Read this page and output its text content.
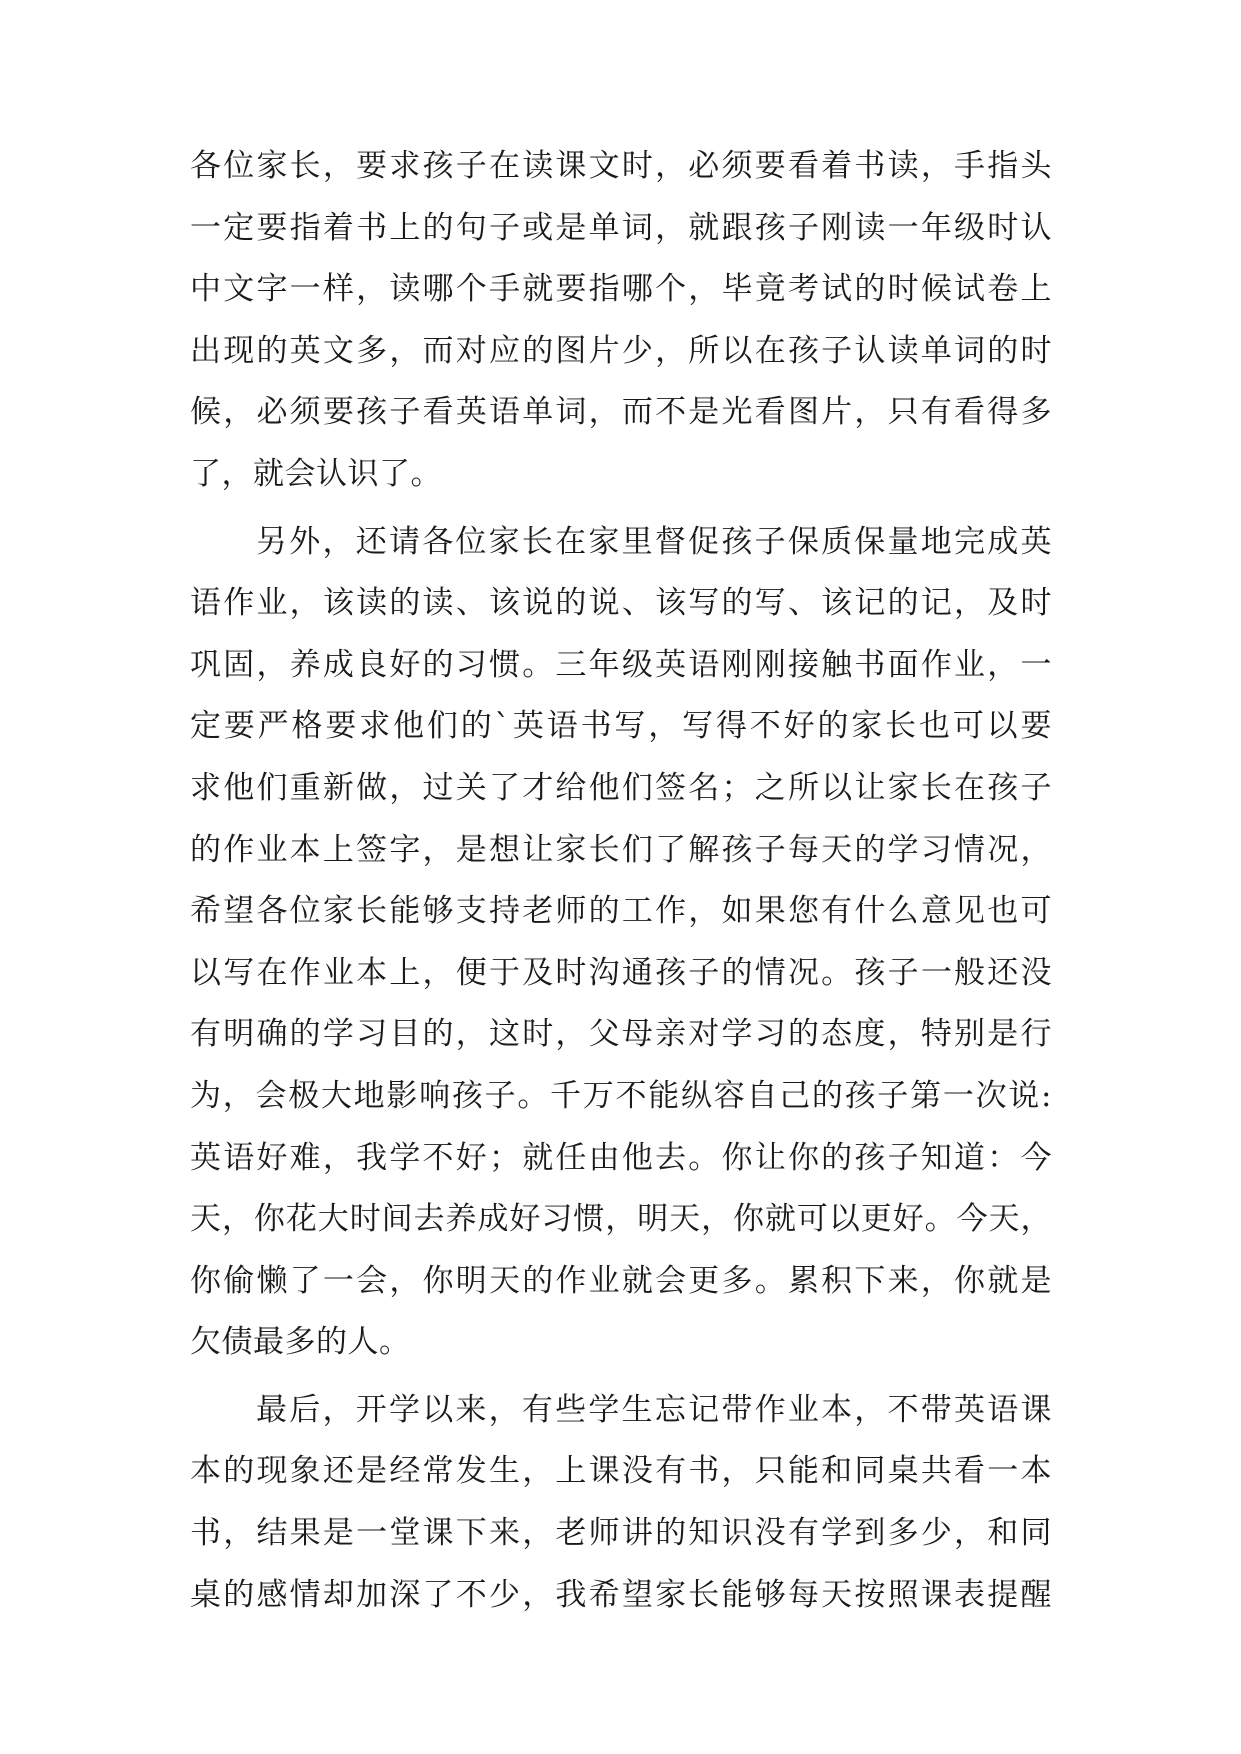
各位家长，要求孩子在读课文时，必须要看着书读，手指头
一定要指着书上的句子或是单词，就跟孩子刚读一年级时认
中文字一样，读哪个手就要指哪个，毕竟考试的时候试卷上
出现的英文多，而对应的图片少，所以在孩子认读单词的时
候，必须要孩子看英语单词，而不是光看图片，只有看得多
了，就会认识了。
另外，还请各位家长在家里督促孩子保质保量地完成英
语作业，该读的读、该说的说、该写的写、该记的记，及时
巩固，养成良好的习惯。三年级英语刚刚接触书面作业，一
定要严格要求他们的`英语书写，写得不好的家长也可以要
求他们重新做，过关了才给他们签名；之所以让家长在孩子
的作业本上签字，是想让家长们了解孩子每天的学习情况，
希望各位家长能够支持老师的工作，如果您有什么意见也可
以写在作业本上，便于及时沟通孩子的情况。孩子一般还没
有明确的学习目的，这时，父母亲对学习的态度，特别是行
为，会极大地影响孩子。千万不能纵容自己的孩子第一次说:
英语好难，我学不好；就任由他去。你让你的孩子知道：今
天，你花大时间去养成好习惯，明天，你就可以更好。今天，
你偷懒了一会，你明天的作业就会更多。累积下来，你就是
欠债最多的人。
最后，开学以来，有些学生忘记带作业本，不带英语课
本的现象还是经常发生，上课没有书，只能和同桌共看一本
书，结果是一堂课下来，老师讲的知识没有学到多少，和同
桌的感情却加深了不少，我希望家长能够每天按照课表提醒
